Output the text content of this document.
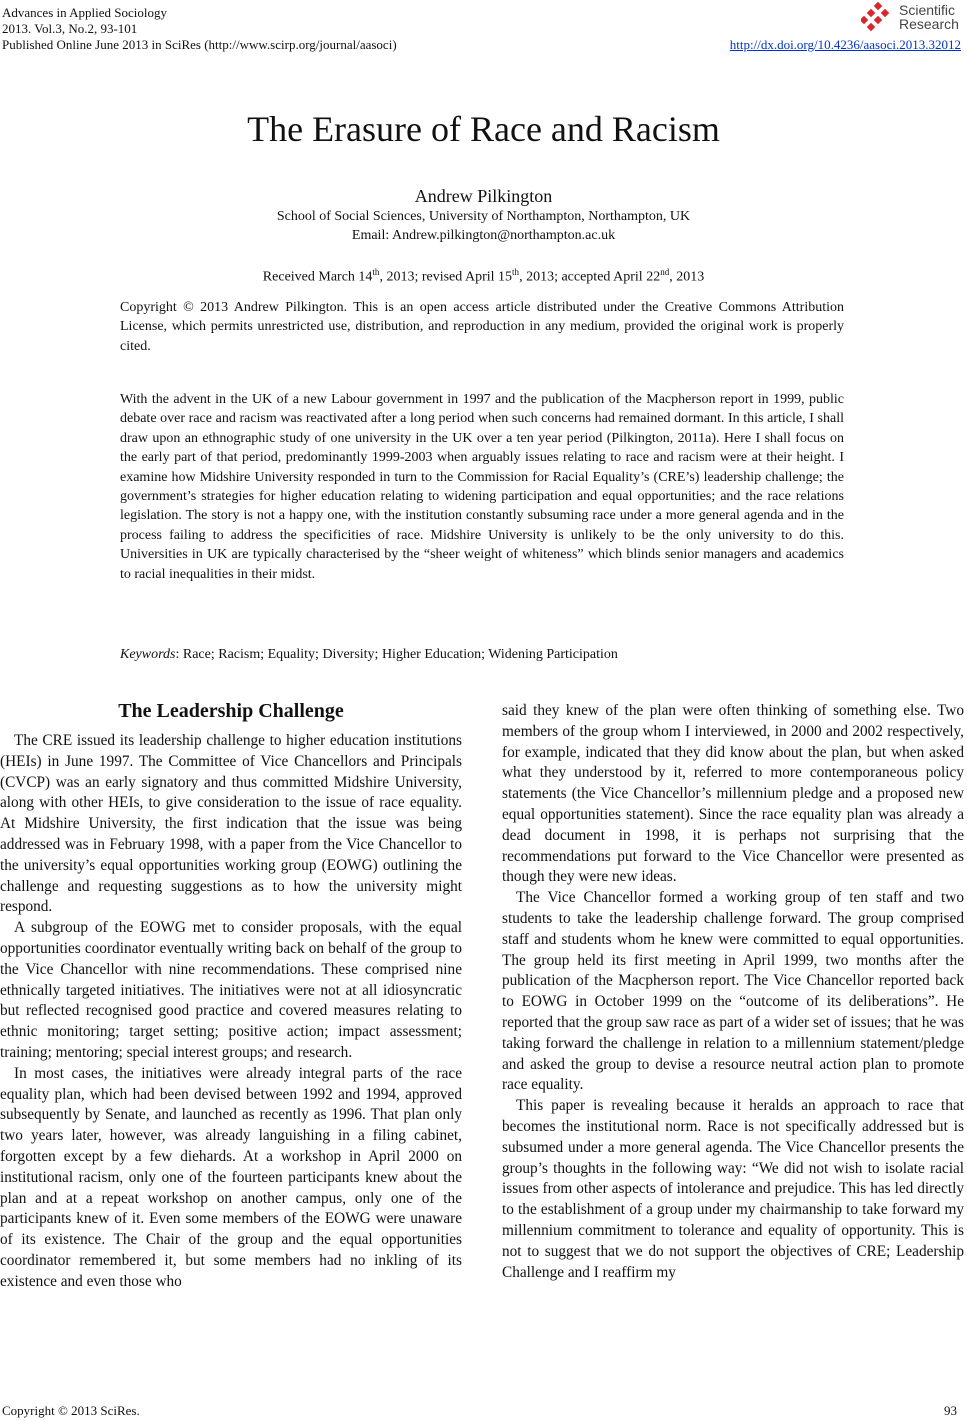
Advances in Applied Sociology
2013. Vol.3, No.2, 93-101
Published Online June 2013 in SciRes (http://www.scirp.org/journal/aasoci)
Scientific
Research
http://dx.doi.org/10.4236/aasoci.2013.32012
The Erasure of Race and Racism
Andrew Pilkington
School of Social Sciences, University of Northampton, Northampton, UK
Email: Andrew.pilkington@northampton.ac.uk
Received March 14th, 2013; revised April 15th, 2013; accepted April 22nd, 2013
Copyright © 2013 Andrew Pilkington. This is an open access article distributed under the Creative Commons Attribution License, which permits unrestricted use, distribution, and reproduction in any medium, provided the original work is properly cited.
With the advent in the UK of a new Labour government in 1997 and the publication of the Macpherson report in 1999, public debate over race and racism was reactivated after a long period when such concerns had remained dormant. In this article, I shall draw upon an ethnographic study of one university in the UK over a ten year period (Pilkington, 2011a). Here I shall focus on the early part of that period, predominantly 1999-2003 when arguably issues relating to race and racism were at their height. I examine how Midshire University responded in turn to the Commission for Racial Equality’s (CRE’s) leadership challenge; the government’s strategies for higher education relating to widening participation and equal opportunities; and the race relations legislation. The story is not a happy one, with the institution constantly subsuming race under a more general agenda and in the process failing to address the specificities of race. Midshire University is unlikely to be the only university to do this. Universities in UK are typically characterised by the “sheer weight of whiteness” which blinds senior managers and academics to racial inequalities in their midst.
Keywords: Race; Racism; Equality; Diversity; Higher Education; Widening Participation
The Leadership Challenge

The CRE issued its leadership challenge to higher education institutions (HEIs) in June 1997. The Committee of Vice Chancellors and Principals (CVCP) was an early signatory and thus committed Midshire University, along with other HEIs, to give consideration to the issue of race equality. At Midshire University, the first indication that the issue was being addressed was in February 1998, with a paper from the Vice Chancellor to the university’s equal opportunities working group (EOWG) outlining the challenge and requesting suggestions as to how the university might respond.

A subgroup of the EOWG met to consider proposals, with the equal opportunities coordinator eventually writing back on behalf of the group to the Vice Chancellor with nine recommendations. These comprised nine ethnically targeted initiatives. The initiatives were not at all idiosyncratic but reflected recognised good practice and covered measures relating to ethnic monitoring; target setting; positive action; impact assessment; training; mentoring; special interest groups; and research.

In most cases, the initiatives were already integral parts of the race equality plan, which had been devised between 1992 and 1994, approved subsequently by Senate, and launched as recently as 1996. That plan only two years later, however, was already languishing in a filing cabinet, forgotten except by a few diehards. At a workshop in April 2000 on institutional racism, only one of the fourteen participants knew about the plan and at a repeat workshop on another campus, only one of the participants knew of it. Even some members of the EOWG were unaware of its existence. The Chair of the group and the equal opportunities coordinator remembered it, but some members had no inkling of its existence and even those who

said they knew of the plan were often thinking of something else. Two members of the group whom I interviewed, in 2000 and 2002 respectively, for example, indicated that they did know about the plan, but when asked what they understood by it, referred to more contemporaneous policy statements (the Vice Chancellor’s millennium pledge and a proposed new equal opportunities statement). Since the race equality plan was already a dead document in 1998, it is perhaps not surprising that the recommendations put forward to the Vice Chancellor were presented as though they were new ideas.

The Vice Chancellor formed a working group of ten staff and two students to take the leadership challenge forward. The group comprised staff and students whom he knew were committed to equal opportunities. The group held its first meeting in April 1999, two months after the publication of the Macpherson report. The Vice Chancellor reported back to EOWG in October 1999 on the “outcome of its deliberations”. He reported that the group saw race as part of a wider set of issues; that he was taking forward the challenge in relation to a millennium statement/pledge and asked the group to devise a resource neutral action plan to promote race equality.

This paper is revealing because it heralds an approach to race that becomes the institutional norm. Race is not specifically addressed but is subsumed under a more general agenda. The Vice Chancellor presents the group’s thoughts in the following way: “We did not wish to isolate racial issues from other aspects of intolerance and prejudice. This has led directly to the establishment of a group under my chairmanship to take forward my millennium commitment to tolerance and equality of opportunity. This is not to suggest that we do not support the objectives of CRE; Leadership Challenge and I reaffirm my

Copyright © 2013 SciRes.	93
